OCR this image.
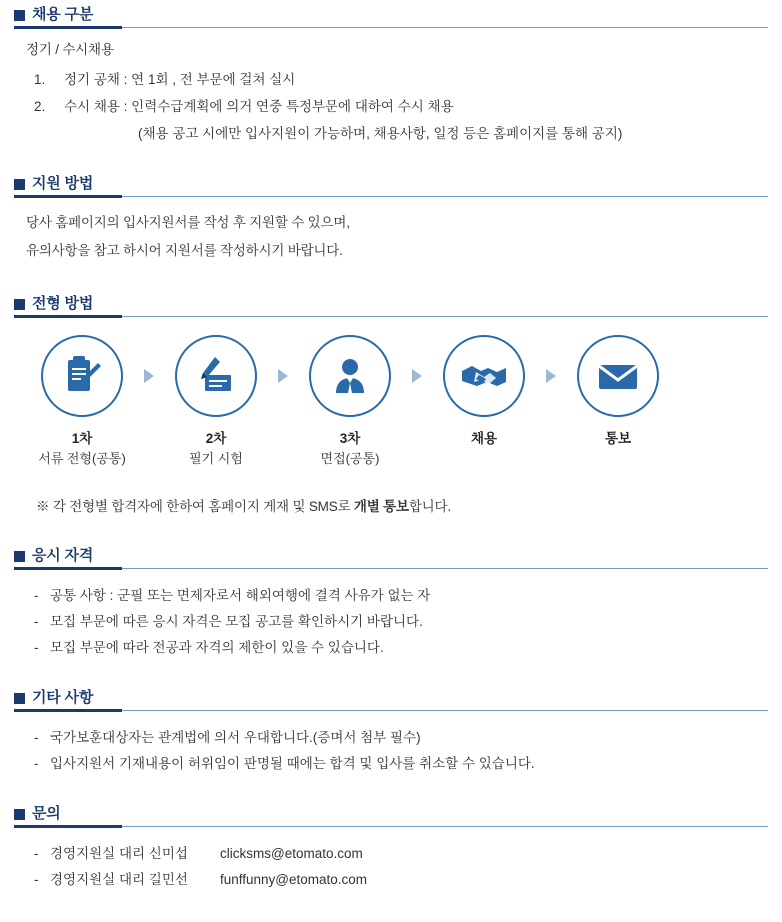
채용 구분
정기 / 수시채용
1.	정기 공채 : 연 1회 , 전 부문에 걸쳐 실시
2.	수시 채용 : 인력수급계획에 의거 연중 특정부문에 대하여 수시 채용
(채용 공고 시에만 입사지원이 가능하며, 채용사항, 일정 등은 홈페이지를 통해 공지)
지원 방법
당사 홈페이지의 입사지원서를 작성 후 지원할 수 있으며,
유의사항을 참고 하시어 지원서를 작성하시기 바랍니다.
전형 방법
1차
서류 전형(공통)
2차
필기 시험
3차
면접(공통)
채용	통보
※ 각 전형별 합격자에 한하여 홈페이지 게재 및 SMS로 개별 통보합니다.
응시 자격
- 공통 사항 : 군필 또는 면제자로서 해외여행에 결격 사유가 없는 자
- 모집 부문에 따른 응시 자격은 모집 공고를 확인하시기 바랍니다.
- 모집 부문에 따라 전공과 자격의 제한이 있을 수 있습니다.
기타 사항
- 국가보훈대상자는 관계법에 의서 우대합니다.(증며서 첨부 필수)
- 입사지원서 기재내용이 허위임이 판명될 때에는 합격 및 입사를 취소할 수 있습니다.
문의
- 경영지원실 대리 신미섭	clicksms@etomato.com
- 경영지원실 대리 길민선	funffunny@etomato.com
